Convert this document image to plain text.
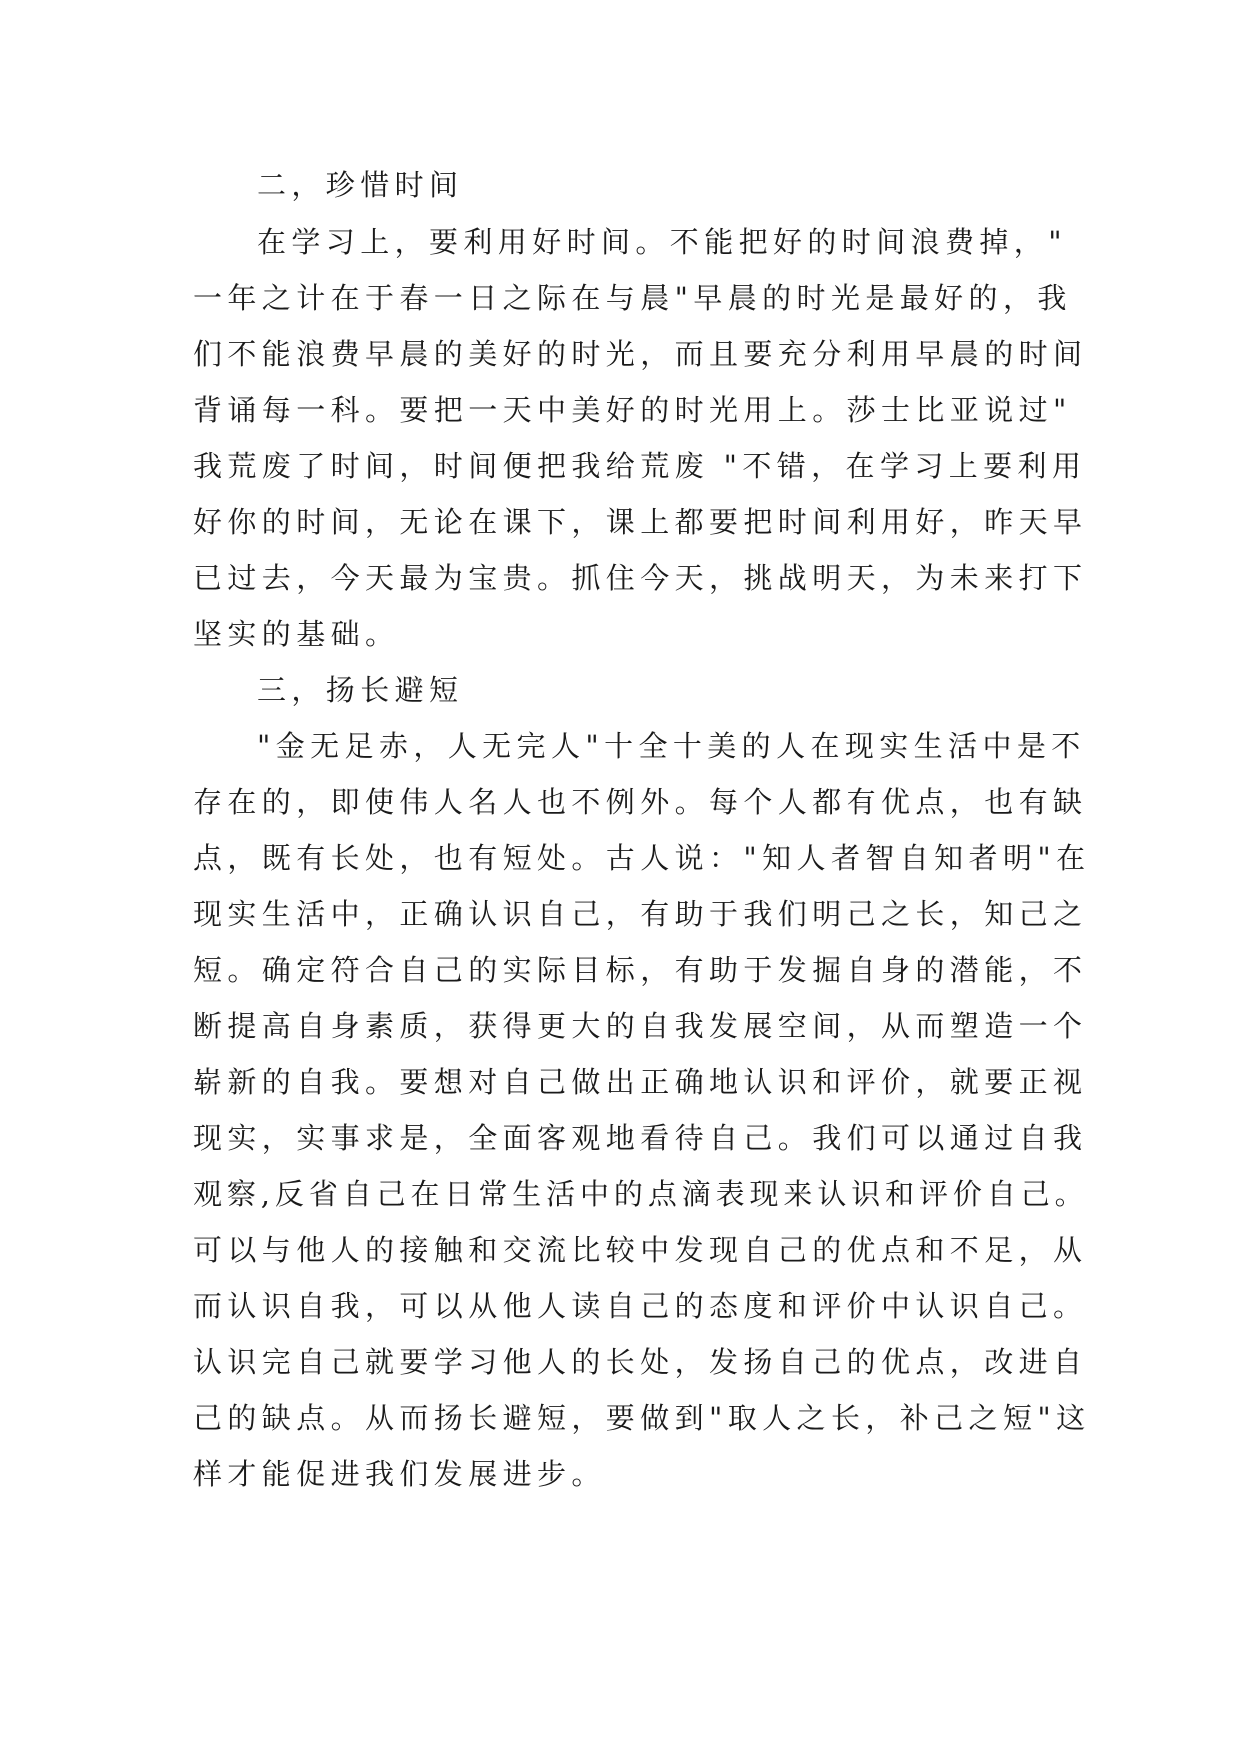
二，珍惜时间

在学习上，要利用好时间。不能把好的时间浪费掉，"

一年之计在于春一日之际在与晨"早晨的时光是最好的，我

们不能浪费早晨的美好的时光，而且要充分利用早晨的时间

背诵每一科。要把一天中美好的时光用上。莎士比亚说过"

我荒废了时间，时间便把我给荒废 "不错，在学习上要利用

好你的时间，无论在课下，课上都要把时间利用好，昨天早

已过去，今天最为宝贵。抓住今天，挑战明天，为未来打下

坚实的基础。

三，扬长避短

"金无足赤，人无完人"十全十美的人在现实生活中是不

存在的，即使伟人名人也不例外。每个人都有优点，也有缺

点，既有长处，也有短处。古人说："知人者智自知者明"在

现实生活中，正确认识自己，有助于我们明己之长，知己之

短。确定符合自己的实际目标，有助于发掘自身的潜能，不

断提高自身素质，获得更大的自我发展空间，从而塑造一个

崭新的自我。要想对自己做出正确地认识和评价，就要正视

现实，实事求是，全面客观地看待自己。我们可以通过自我

观察,反省自己在日常生活中的点滴表现来认识和评价自己。

可以与他人的接触和交流比较中发现自己的优点和不足，从

而认识自我，可以从他人读自己的态度和评价中认识自己。

认识完自己就要学习他人的长处，发扬自己的优点，改进自

己的缺点。从而扬长避短，要做到"取人之长，补己之短"这

样才能促进我们发展进步。
